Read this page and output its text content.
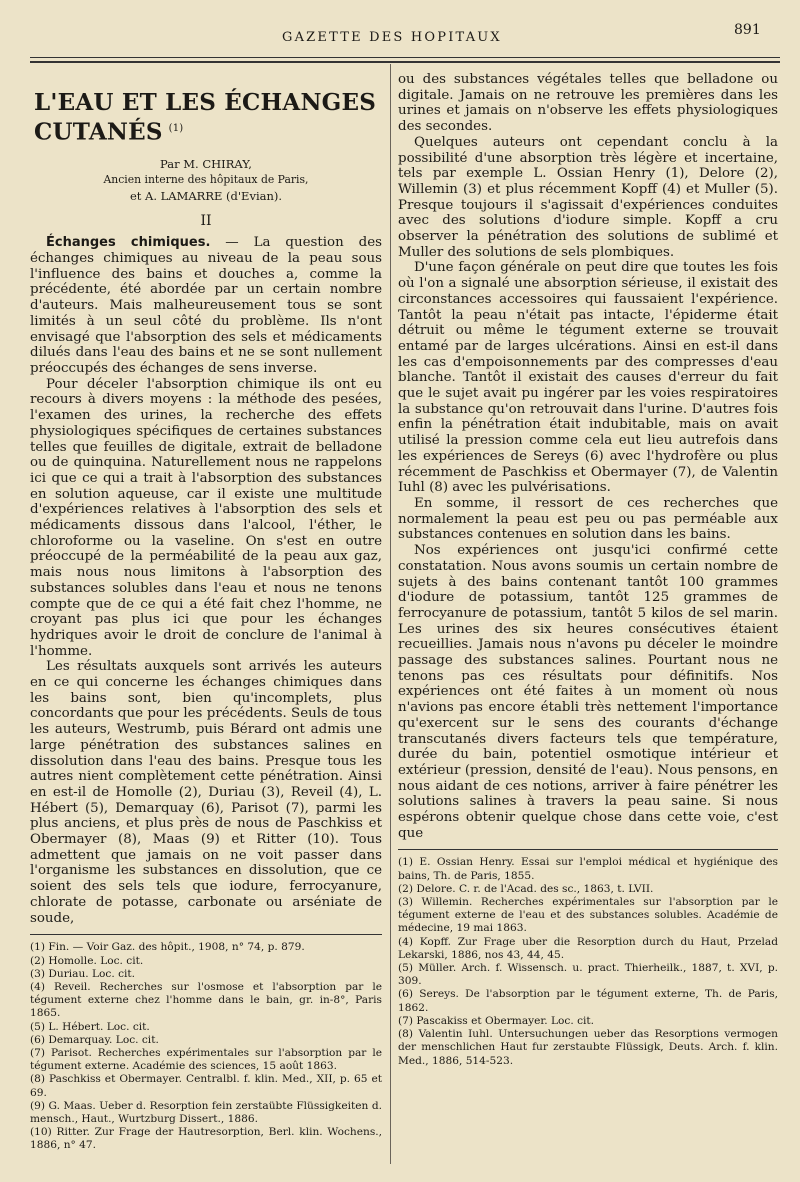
GAZETTE DES HOPITAUX	891
L'EAU ET LES ÉCHANGES CUTANÉS $^{(1)}$

Par M. CHIRAY,

Ancien interne des hôpitaux de Paris,

et A. LAMARRE (d'Evian).

II

Échanges chimiques. — La question des échanges chimiques au niveau de la peau sous l'influence des bains et douches a, comme la précédente, été abordée par un certain nombre d'auteurs. Mais malheureusement tous se sont limités à un seul côté du problème. Ils n'ont envisagé que l'absorption des sels et médicaments dilués dans l'eau des bains et ne se sont nullement préoccupés des échanges de sens inverse.

Pour déceler l'absorption chimique ils ont eu recours à divers moyens : la méthode des pesées, l'examen des urines, la recherche des effets physiologiques spécifiques de certaines substances telles que feuilles de digitale, extrait de belladone ou de quinquina. Naturellement nous ne rappelons ici que ce qui a trait à l'absorption des substances en solution aqueuse, car il existe une multitude d'expériences relatives à l'absorption des sels et médicaments dissous dans l'alcool, l'éther, le chloroforme ou la vaseline. On s'est en outre préoccupé de la perméabilité de la peau aux gaz, mais nous nous limitons à l'absorption des substances solubles dans l'eau et nous ne tenons compte que de ce qui a été fait chez l'homme, ne croyant pas plus ici que pour les échanges hydriques avoir le droit de conclure de l'animal à l'homme.

Les résultats auxquels sont arrivés les auteurs en ce qui concerne les échanges chimiques dans les bains sont, bien qu'incomplets, plus concordants que pour les précédents. Seuls de tous les auteurs, Westrumb, puis Bérard ont admis une large pénétration des substances salines en dissolution dans l'eau des bains. Presque tous les autres nient complètement cette pénétration. Ainsi en est-il de Homolle (2), Duriau (3), Reveil (4), L. Hébert (5), Demarquay (6), Parisot (7), parmi les plus anciens, et plus près de nous de Paschkiss et Obermayer (8), Maas (9) et Ritter (10). Tous admettent que jamais on ne voit passer dans l'organisme les substances en dissolution, que ce soient des sels tels que iodure, ferrocyanure, chlorate de potasse, carbonate ou arséniate de soude,

(1) Fin. — Voir Gaz. des hôpit., 1908, n° 74, p. 879.

(2) Homolle. Loc. cit.

(3) Duriau. Loc. cit.

(4) Reveil. Recherches sur l'osmose et l'absorption par le tégument externe chez l'homme dans le bain, gr. in-8°, Paris 1865.

(5) L. Hébert. Loc. cit.

(6) Demarquay. Loc. cit.

(7) Parisot. Recherches expérimentales sur l'absorption par le tégument externe. Académie des sciences, 15 août 1863.

(8) Paschkiss et Obermayer. Centralbl. f. klin. Med., XII, p. 65 et 69.

(9) G. Maas. Ueber d. Resorption fein zerstaübte Flüssigkeiten d. mensch., Haut., Wurtzburg Dissert., 1886.

(10) Ritter. Zur Frage der Hautresorption, Berl. klin. Wochens., 1886, n° 47.

ou des substances végétales telles que belladone ou digitale. Jamais on ne retrouve les premières dans les urines et jamais on n'observe les effets physiologiques des secondes.

Quelques auteurs ont cependant conclu à la possibilité d'une absorption très légère et incertaine, tels par exemple L. Ossian Henry (1), Delore (2), Willemin (3) et plus récemment Kopff (4) et Muller (5). Presque toujours il s'agissait d'expériences conduites avec des solutions d'iodure simple. Kopff a cru observer la pénétration des solutions de sublimé et Muller des solutions de sels plombiques.

D'une façon générale on peut dire que toutes les fois où l'on a signalé une absorption sérieuse, il existait des circonstances accessoires qui faussaient l'expérience. Tantôt la peau n'était pas intacte, l'épiderme était détruit ou même le tégument externe se trouvait entamé par de larges ulcérations. Ainsi en est-il dans les cas d'empoisonnements par des compresses d'eau blanche. Tantôt il existait des causes d'erreur du fait que le sujet avait pu ingérer par les voies respiratoires la substance qu'on retrouvait dans l'urine. D'autres fois enfin la pénétration était indubitable, mais on avait utilisé la pression comme cela eut lieu autrefois dans les expériences de Sereys (6) avec l'hydrofère ou plus récemment de Paschkiss et Obermayer (7), de Valentin Iuhl (8) avec les pulvérisations.

En somme, il ressort de ces recherches que normalement la peau est peu ou pas perméable aux substances contenues en solution dans les bains.

Nos expériences ont jusqu'ici confirmé cette constatation. Nous avons soumis un certain nombre de sujets à des bains contenant tantôt 100 grammes d'iodure de potassium, tantôt 125 grammes de ferrocyanure de potassium, tantôt 5 kilos de sel marin. Les urines des six heures consécutives étaient recueillies. Jamais nous n'avons pu déceler le moindre passage des substances salines. Pourtant nous ne tenons pas ces résultats pour définitifs. Nos expériences ont été faites à un moment où nous n'avions pas encore établi très nettement l'importance qu'exercent sur le sens des courants d'échange transcutanés divers facteurs tels que température, durée du bain, potentiel osmotique intérieur et extérieur (pression, densité de l'eau). Nous pensons, en nous aidant de ces notions, arriver à faire pénétrer les solutions salines à travers la peau saine. Si nous espérons obtenir quelque chose dans cette voie, c'est que

(1) E. Ossian Henry. Essai sur l'emploi médical et hygiénique des bains, Th. de Paris, 1855.

(2) Delore. C. r. de l'Acad. des sc., 1863, t. LVII.

(3) Willemin. Recherches expérimentales sur l'absorption par le tégument externe de l'eau et des substances solubles. Académie de médecine, 19 mai 1863.

(4) Kopff. Zur Frage uber die Resorption durch du Haut, Przelad Lekarski, 1886, nos 43, 44, 45.

(5) Müller. Arch. f. Wissensch. u. pract. Thierheilk., 1887, t. XVI, p. 309.

(6) Sereys. De l'absorption par le tégument externe, Th. de Paris, 1862.

(7) Pascakiss et Obermayer. Loc. cit.

(8) Valentin Iuhl. Untersuchungen ueber das Resorptions vermogen der menschlichen Haut fur zerstaubte Flüssigk, Deuts. Arch. f. klin. Med., 1886, 514-523.
